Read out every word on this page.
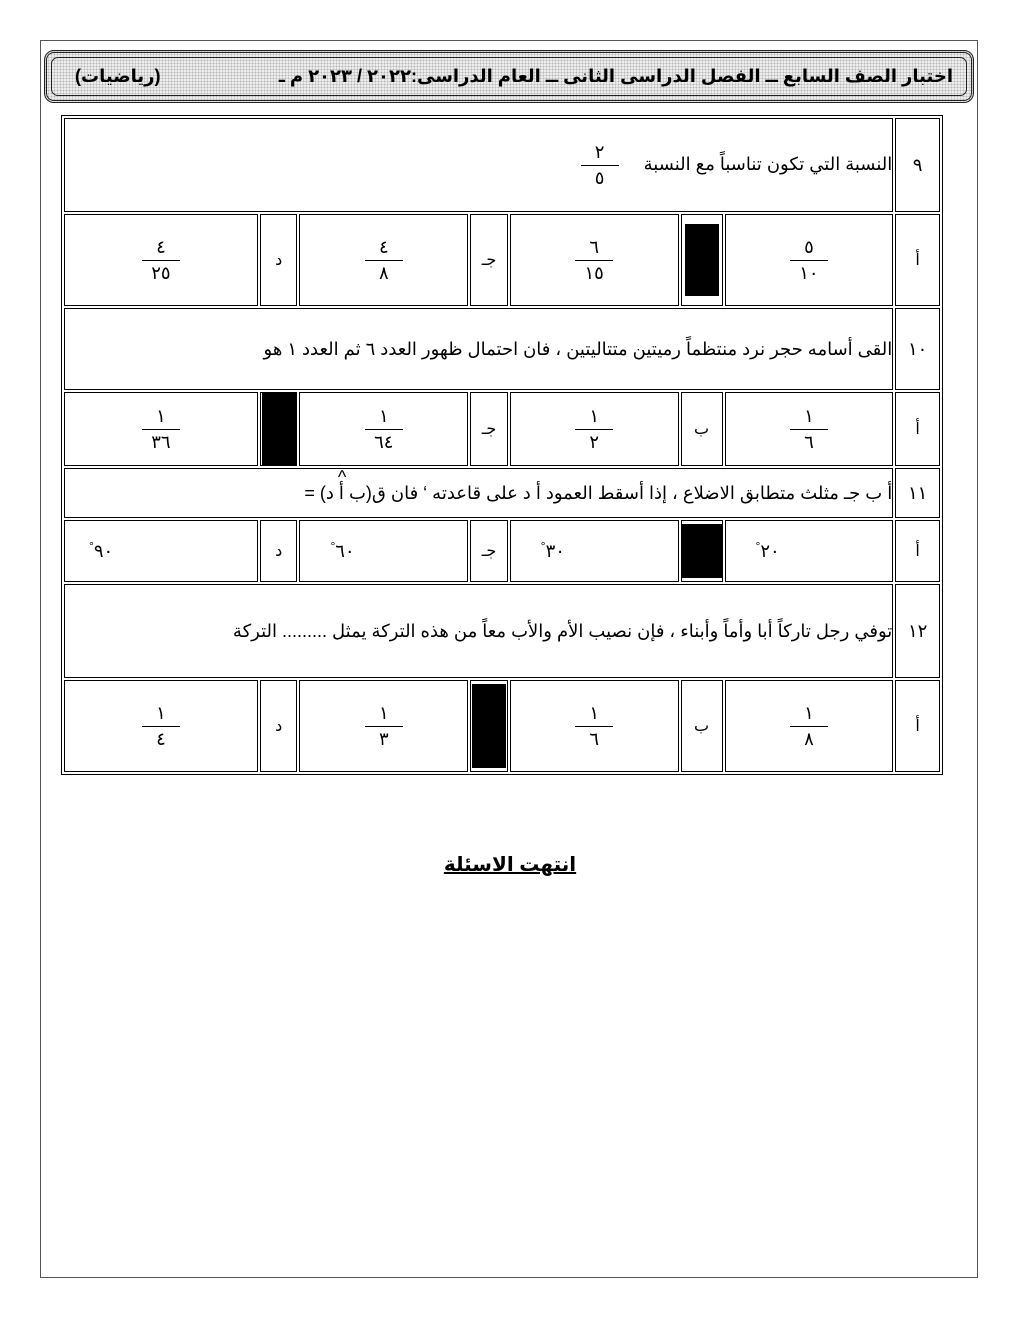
اختبار الصف السابع ــ الفصل الدراسى الثانى ــ العام الدراسى:٢٠٢٢ / ٢٠٢٣ م ـ
(رياضيات)
٩	النسبة التي تكون تناسباً مع النسبة
$\frac{٢}{٥}$

أ	$\frac{٥}{١٠}$		$\frac{٦}{١٥}$	جـ	$\frac{٤}{٨}$	د	$\frac{٤}{٢٥}$

١٠	القى أسامه حجر نرد منتظماً رميتين متتاليتين ، فان احتمال ظهور العدد ٦ ثم العدد ١ هو						
أ	$\frac{١}{٦}$	ب	$\frac{١}{٢}$	جـ	$\frac{١}{٦٤}$		$\frac{١}{٣٦}$

١١	أ ب جـ مثلث متطابق الاضلاع ، إذا أسقط العمود أ د على قاعدته ‘ فان ق(ب
^
أ د) =						
أ	٢٠°		٣٠°	جـ	٦٠°	د	٩٠°
١٢	توفي رجل تاركاً أبا وأماً وأبناء ، فإن نصيب الأم والأب معاً من هذه التركة يمثل ......... التركة						
أ	$\frac{١}{٨}$	ب	$\frac{١}{٦}$		$\frac{١}{٣}$	د	$\frac{١}{٤}$
انتهت الاسئلة
